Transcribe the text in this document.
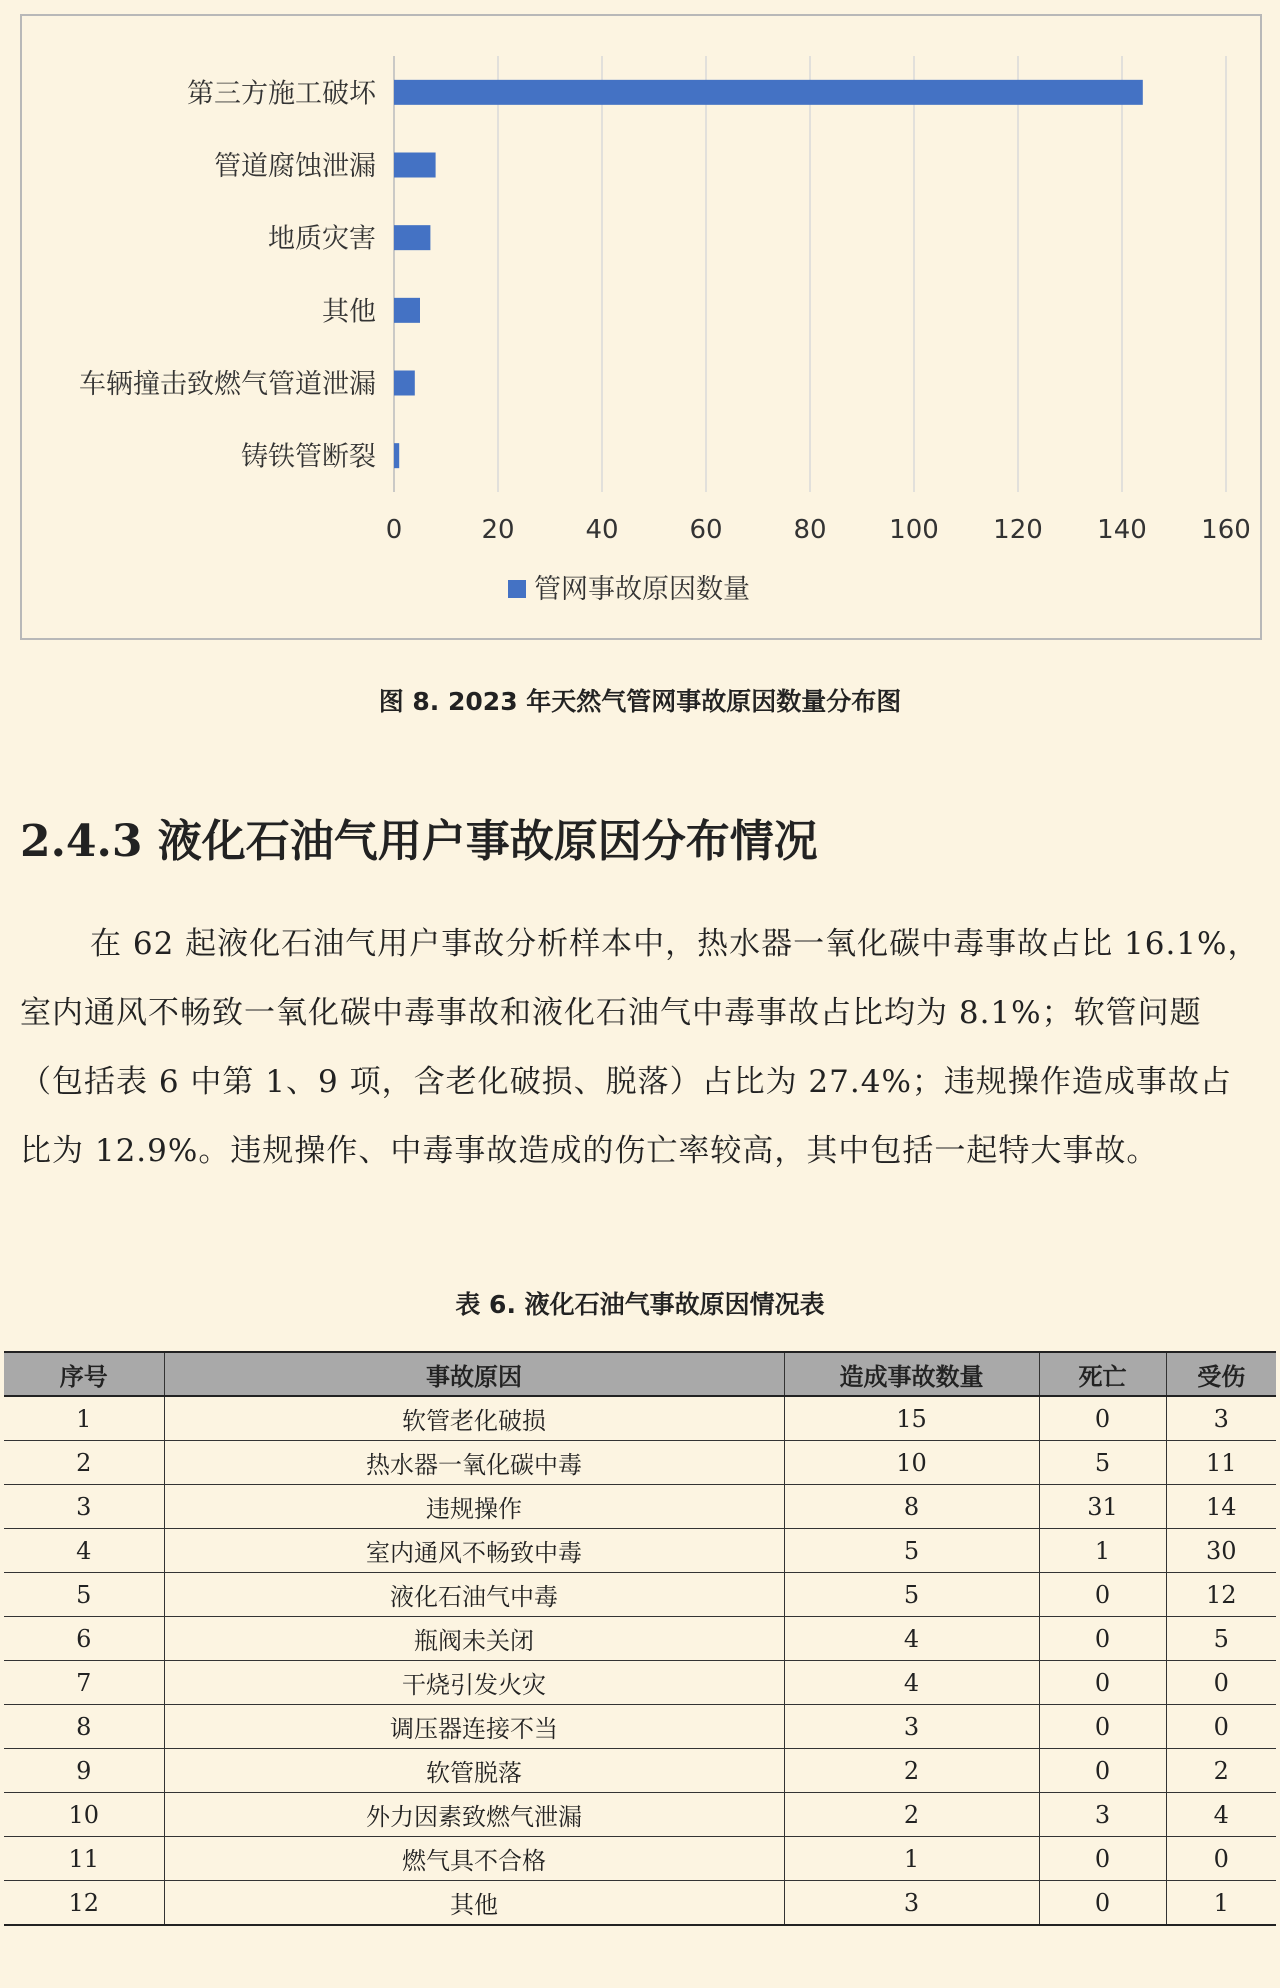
0	20	40	60	80 100 120 140 160
第三方施工破坏
管道腐蚀泄漏
地质灾害
其他
车辆撞击致燃气管道泄漏
铸铁管断裂
管网事故原因数量
图 8. 2023 年天然气管网事故原因数量分布图
2.4.3 液化石油气用户事故原因分布情况

在 62 起液化石油气用户事故分析样本中，热水器一氧化碳中毒事故占比 16.1%，室内通风不畅致一氧化碳中毒事故和液化石油气中毒事故占比均为 8.1%；软管问题（包括表 6 中第 1、9 项，含老化破损、脱落）占比为 27.4%；违规操作造成事故占比为 12.9%。违规操作、中毒事故造成的伤亡率较高，其中包括一起特大事故。

表 6. 液化石油气事故原因情况表
序号	事故原因	造成事故数量	死亡	受伤
1	软管老化破损	15	0	3
2	热水器一氧化碳中毒	10	5	11
3	违规操作	8	31	14
4	室内通风不畅致中毒	5	1	30
5	液化石油气中毒	5	0	12
6	瓶阀未关闭	4	0	5
7	干烧引发火灾	4	0	0
8	调压器连接不当	3	0	0
9	软管脱落	2	0	2
10	外力因素致燃气泄漏	2	3	4
11	燃气具不合格	1	0	0
12	其他	3	0	1
